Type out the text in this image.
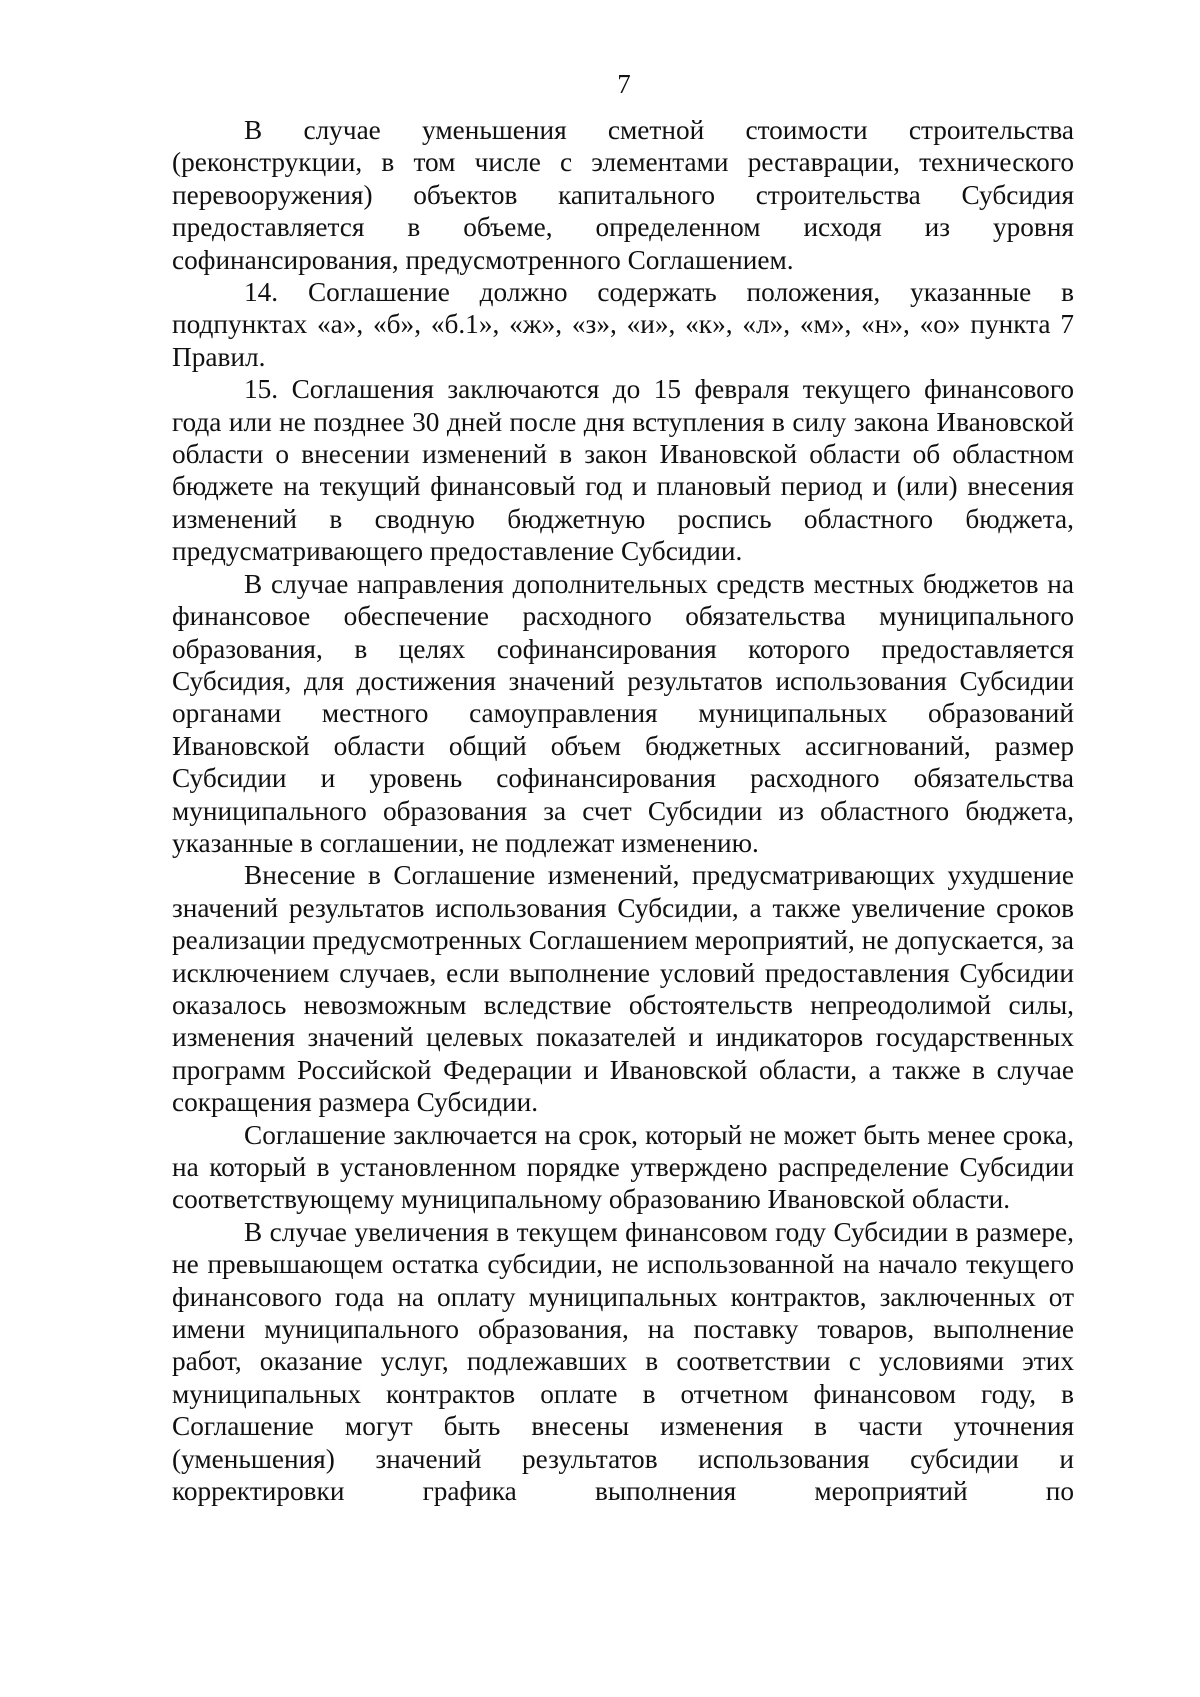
7

В случае уменьшения сметной стоимости строительства (реконструкции, в том числе с элементами реставрации, технического перевооружения) объектов капитального строительства Субсидия предоставляется в объеме, определенном исходя из уровня софинансирования, предусмотренного Соглашением.

14. Соглашение должно содержать положения, указанные в подпунктах «а», «б», «б.1», «ж», «з», «и», «к», «л», «м», «н», «о» пункта 7 Правил.

15. Соглашения заключаются до 15 февраля текущего финансового года или не позднее 30 дней после дня вступления в силу закона Ивановской области о внесении изменений в закон Ивановской области об областном бюджете на текущий финансовый год и плановый период и (или) внесения изменений в сводную бюджетную роспись областного бюджета, предусматривающего предоставление Субсидии.

В случае направления дополнительных средств местных бюджетов на финансовое обеспечение расходного обязательства муниципального образования, в целях софинансирования которого предоставляется Субсидия, для достижения значений результатов использования Субсидии органами местного самоуправления муниципальных образований Ивановской области общий объем бюджетных ассигнований, размер Субсидии и уровень софинансирования расходного обязательства муниципального образования за счет Субсидии из областного бюджета, указанные в соглашении, не подлежат изменению.

Внесение в Соглашение изменений, предусматривающих ухудшение значений результатов использования Субсидии, а также увеличение сроков реализации предусмотренных Соглашением мероприятий, не допускается, за исключением случаев, если выполнение условий предоставления Субсидии оказалось невозможным вследствие обстоятельств непреодолимой силы, изменения значений целевых показателей и индикаторов государственных программ Российской Федерации и Ивановской области, а также в случае сокращения размера Субсидии.

Соглашение заключается на срок, который не может быть менее срока, на который в установленном порядке утверждено распределение Субсидии соответствующему муниципальному образованию Ивановской области.

В случае увеличения в текущем финансовом году Субсидии в размере, не превышающем остатка субсидии, не использованной на начало текущего финансового года на оплату муниципальных контрактов, заключенных от имени муниципального образования, на поставку товаров, выполнение работ, оказание услуг, подлежавших в соответствии с условиями этих муниципальных контрактов оплате в отчетном финансовом году, в Соглашение могут быть внесены изменения в части уточнения (уменьшения) значений результатов использования субсидии и корректировки графика выполнения мероприятий по
